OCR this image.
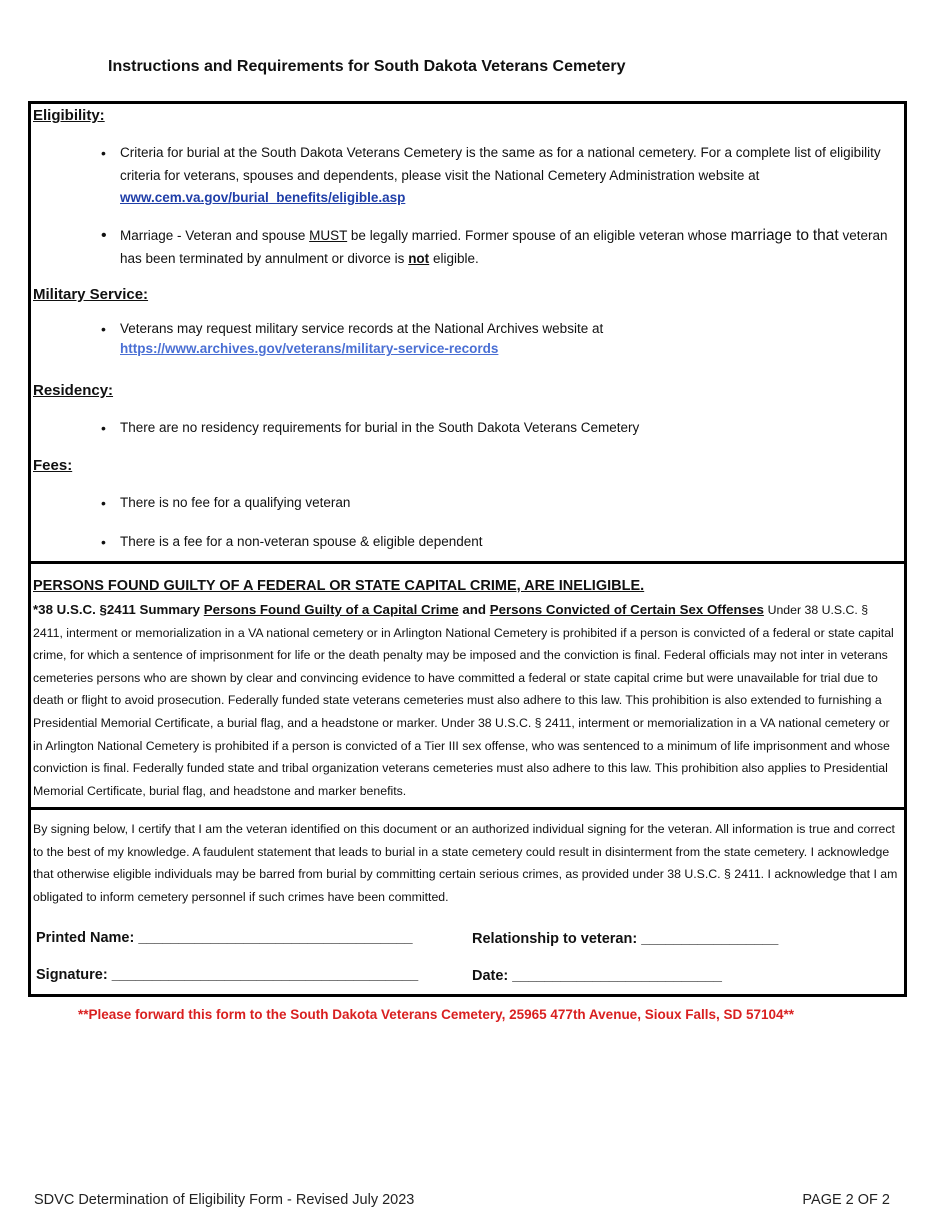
Instructions and Requirements for South Dakota Veterans Cemetery
Eligibility:
• Criteria for burial at the South Dakota Veterans Cemetery is the same as for a national cemetery. For a complete list of eligibility criteria for veterans, spouses and dependents, please visit the National Cemetery Administration website at
www.cem.va.gov/burial_benefits/eligible.asp
• Marriage - Veteran and spouse MUST be legally married. Former spouse of an eligible veteran whose marriage to that veteran has been terminated by annulment or divorce is not eligible.
Military Service:
• Veterans may request military service records at the National Archives website at
https://www.archives.gov/veterans/military-service-records
Residency:
• There are no residency requirements for burial in the South Dakota Veterans Cemetery
Fees:
• There is no fee for a qualifying veteran
• There is a fee for a non-veteran spouse & eligible dependent
PERSONS FOUND GUILTY OF A FEDERAL OR STATE CAPITAL CRIME, ARE INELIGIBLE.
*38 U.S.C. §2411 Summary Persons Found Guilty of a Capital Crime and Persons Convicted of Certain Sex Offenses Under 38 U.S.C. § 2411, interment or memorialization in a VA national cemetery or in Arlington National Cemetery is prohibited if a person is convicted of a federal or state capital crime, for which a sentence of imprisonment for life or the death penalty may be imposed and the conviction is final. Federal officials may not inter in veterans cemeteries persons who are shown by clear and convincing evidence to have committed a federal or state capital crime but were unavailable for trial due to death or flight to avoid prosecution. Federally funded state veterans cemeteries must also adhere to this law. This prohibition is also extended to furnishing a Presidential Memorial Certificate, a burial flag, and a headstone or marker. Under 38 U.S.C. § 2411, interment or memorialization in a VA national cemetery or in Arlington National Cemetery is prohibited if a person is convicted of a Tier III sex offense, who was sentenced to a minimum of life imprisonment and whose conviction is final. Federally funded state and tribal organization veterans cemeteries must also adhere to this law. This prohibition also applies to Presidential Memorial Certificate, burial flag, and headstone and marker benefits.
By signing below, I certify that I am the veteran identified on this document or an authorized individual signing for the veteran. All information is true and correct to the best of my knowledge. A faudulent statement that leads to burial in a state cemetery could result in disinterment from the state cemetery. I acknowledge that otherwise eligible individuals may be barred from burial by committing certain serious crimes, as provided under 38 U.S.C. § 2411. I acknowledge that I am obligated to inform cemetery personnel if such crimes have been committed.
Printed Name: __________________________________	Relationship to veteran: _________________
Signature: ______________________________________	Date: __________________________
**Please forward this form to the South Dakota Veterans Cemetery, 25965 477th Avenue, Sioux Falls, SD 57104**
SDVC Determination of Eligibility Form - Revised July 2023	PAGE 2 OF 2
